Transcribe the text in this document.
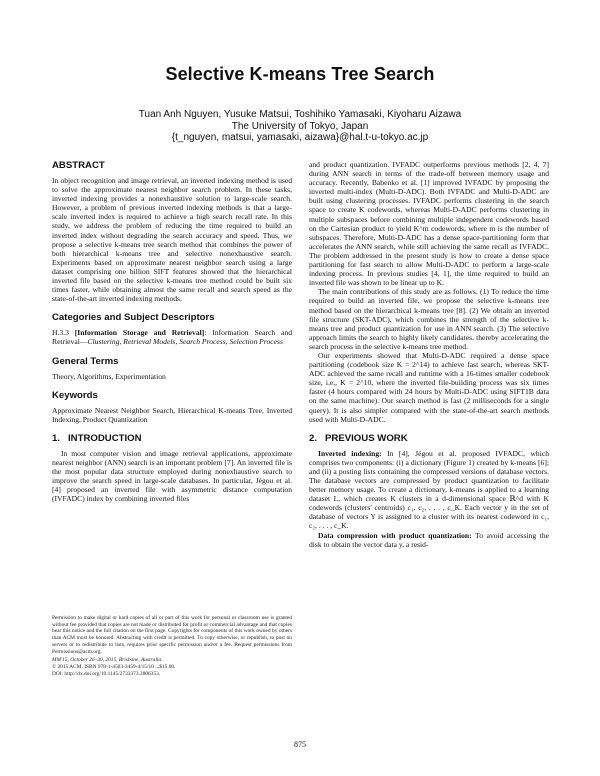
Selective K-means Tree Search
Tuan Anh Nguyen, Yusuke Matsui, Toshihiko Yamasaki, Kiyoharu Aizawa
The University of Tokyo, Japan
{t_nguyen, matsui, yamasaki, aizawa}@hal.t-u-tokyo.ac.jp
ABSTRACT

In object recognition and image retrieval, an inverted indexing method is used to solve the approximate nearest neighbor search problem. In these tasks, inverted indexing provides a nonexhaustive solution to large-scale search. However, a problem of previous inverted indexing methods is that a large-scale inverted index is required to achieve a high search recall rate. In this study, we address the problem of reducing the time required to build an inverted index without degrading the search accuracy and speed. Thus, we propose a selective k-means tree search method that combines the power of both hierarchical k-means tree and selective nonexhaustive search. Experiments based on approximate nearest neighbor search using a large dataset comprising one billion SIFT features showed that the hierarchical inverted file based on the selective k-means tree method could be built six times faster, while obtaining almost the same recall and search speed as the state-of-the-art inverted indexing methods.

Categories and Subject Descriptors

H.3.3 [Information Storage and Retrieval]: Information Search and Retrieval—Clustering, Retrieval Models, Search Process, Selection Process

General Terms

Theory, Algorithms, Experimentation

Keywords

Approximate Nearest Neighbor Search, Hierarchical K-means Tree, Inverted Indexing, Product Quantization

1. INTRODUCTION

In most computer vision and image retrieval applications, approximate nearest neighbor (ANN) search is an important problem [7]. An inverted file is the most popular data structure employed during nonexhaustive search to improve the search speed in large-scale databases. In particular, Jégou et al. [4] proposed an inverted file with asymmetric distance computation (IVFADC) index by combining inverted files

Permission to make digital or hard copies of all or part of this work for personal or classroom use is granted without fee provided that copies are not made or distributed for profit or commercial advantage and that copies bear this notice and the full citation on the first page. Copyrights for components of this work owned by others than ACM must be honored. Abstracting with credit is permitted. To copy otherwise, or republish, to post on servers or to redistribute to lists, requires prior specific permission and/or a fee. Request permissions from Permissions@acm.org.

MM'15, October 26–30, 2015, Brisbane, Australia.
© 2015 ACM. ISBN 978-1-4503-3459-4/15/10 ...$15.00.
DOI: http://dx.doi.org/10.1145/2733373.2806353.

and product quantization. IVFADC outperforms previous methods [2, 4, 7] during ANN search in terms of the trade-off between memory usage and accuracy. Recently, Babenko et al. [1] improved IVFADC by proposing the inverted multi-index (Multi-D-ADC). Both IVFADC and Multi-D-ADC are built using clustering processes. IVFADC performs clustering in the search space to create K codewords, whereas Multi-D-ADC performs clustering in multiple subspaces before combining multiple independent codewords based on the Cartesian product to yield K^m codewords, where m is the number of subspaces. Therefore, Multi-D-ADC has a dense space-partitioning form that accelerates the ANN search, while still achieving the same recall as IVFADC. The problem addressed in the present study is how to create a dense space partitioning for fast search to allow Multi-D-ADC to perform a large-scale indexing process. In previous studies [4, 1], the time required to build an inverted file was shown to be linear up to K.

The main contributions of this study are as follows. (1) To reduce the time required to build an inverted file, we propose the selective k-means tree method based on the hierarchical k-means tree [8]. (2) We obtain an inverted file structure (SKT-ADC), which combines the strength of the selective k-means tree and product quantization for use in ANN search. (3) The selective approach limits the search to highly likely candidates, thereby accelerating the search process in the selective k-means tree method.

Our experiments showed that Multi-D-ADC required a dense space partitioning (codebook size K = 2^14) to achieve fast search, whereas SKT-ADC achieved the same recall and runtime with a 16-times smaller codebook size, i.e., K = 2^10, where the inverted file-building process was six times faster (4 hours compared with 24 hours by Multi-D-ADC using SIFT1B data on the same machine). Our search method is fast (2 milliseconds for a single query). It is also simpler compared with the state-of-the-art search methods used with Multi-D-ADC.

2. PREVIOUS WORK

Inverted indexing: In [4], Jégou et al. proposed IVFADC, which comprises two components: (i) a dictionary (Figure 1) created by k-means [6]; and (ii) a posting lists containing the compressed versions of database vectors. The database vectors are compressed by product quantization to facilitate better memory usage. To create a dictionary, k-means is applied to a learning dataset L, which creates K clusters in a d-dimensional space ℝ^d with K codewords (clusters' centroids) c₁, c₂, . . . , c_K. Each vector y in the set of database of vectors Y is assigned to a cluster with its nearest codeword in c₁, c₂, . . . , c_K.

Data compression with product quantization: To avoid accessing the disk to obtain the vector data y, a resid-

875
